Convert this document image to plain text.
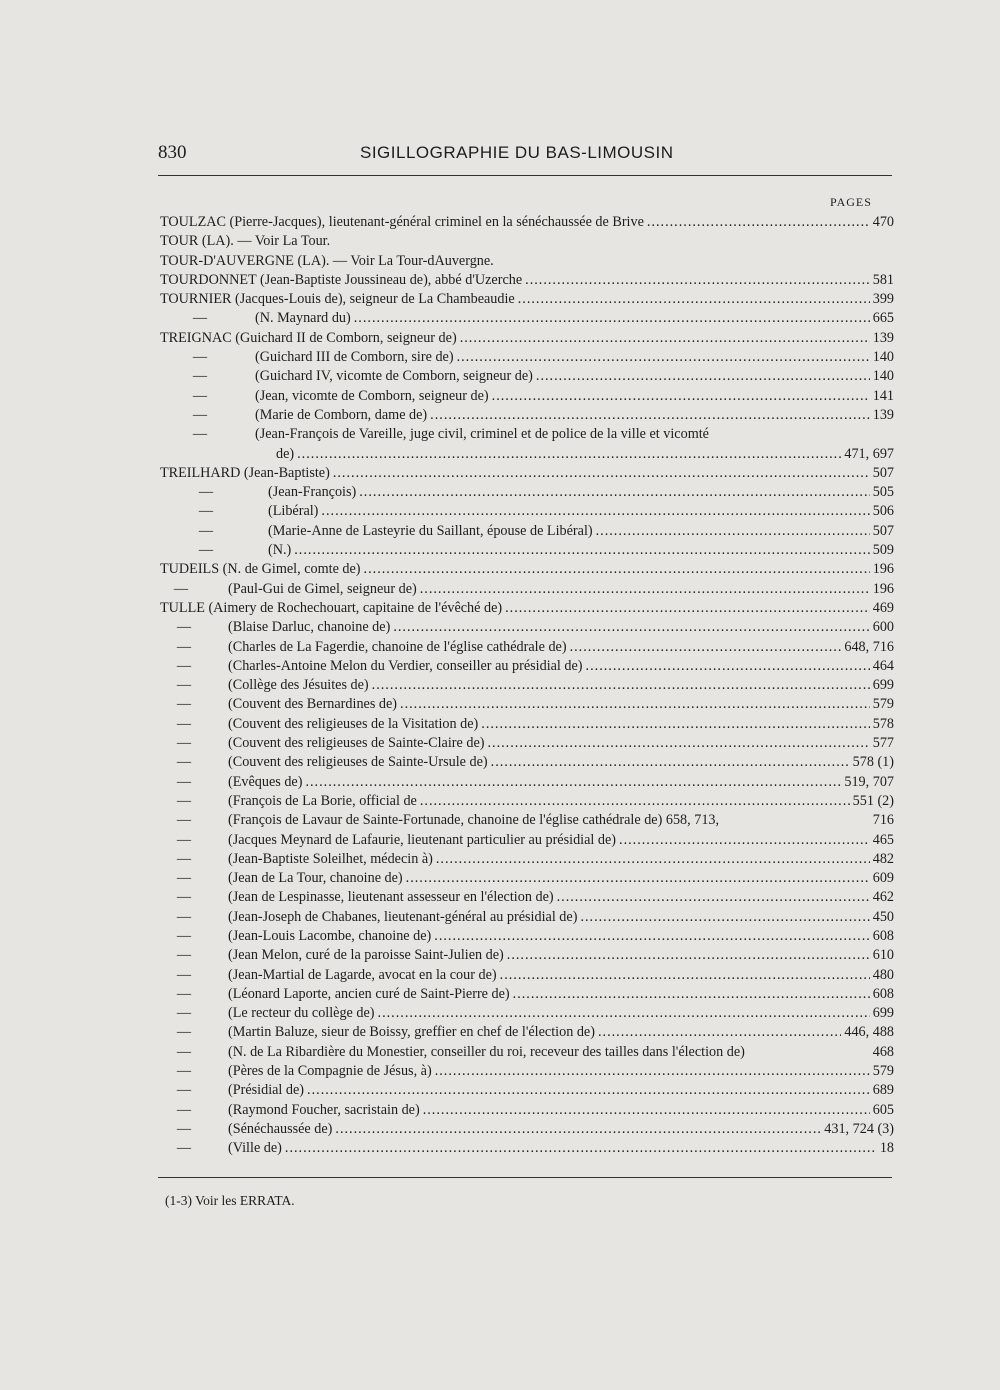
830	SIGILLOGRAPHIE DU BAS-LIMOUSIN
PAGES
TOULZAC (Pierre-Jacques), lieutenant-général criminel en la sénéchaussée de Brive .....	470
TOUR (LA). — Voir La Tour.
TOUR-D'AUVERGNE (LA). — Voir La Tour-dAuvergne.
TOURDONNET (Jean-Baptiste Joussineau de), abbé d'Uzerche .....	581
TOURNIER (Jacques-Louis de), seigneur de La Chambeaudie .....	399
—	(N. Maynard du) .....	665
TREIGNAC (Guichard II de Comborn, seigneur de) .....	139
—	(Guichard III de Comborn, sire de) .....	140
—	(Guichard IV, vicomte de Comborn, seigneur de) .....	140
—	(Jean, vicomte de Comborn, seigneur de) .....	141
—	(Marie de Comborn, dame de) .....	139
—	(Jean-François de Vareille, juge civil, criminel et de police de la ville et vicomté
de) .....	471, 697
TREILHARD (Jean-Baptiste) .....	507
—	(Jean-François) .....	505
—	(Libéral) .....	506
—	(Marie-Anne de Lasteyrie du Saillant, épouse de Libéral) .....	507
—	(N.) .....	509
TUDEILS (N. de Gimel, comte de) .....	196
—	(Paul-Gui de Gimel, seigneur de) .....	196
TULLE (Aimery de Rochechouart, capitaine de l'évêché de) .....	469
—	(Blaise Darluc, chanoine de) .....	600
—	(Charles de La Fagerdie, chanoine de l'église cathédrale de) .....	648, 716
—	(Charles-Antoine Melon du Verdier, conseiller au présidial de) .....	464
—	(Collège des Jésuites de) .....	699
—	(Couvent des Bernardines de) .....	579
—	(Couvent des religieuses de la Visitation de) .....	578
—	(Couvent des religieuses de Sainte-Claire de) .....	577
—	(Couvent des religieuses de Sainte-Ursule de) .....	578 (1)
—	(Evêques de) .....	519, 707
—	(François de La Borie, official de .....	551 (2)
—	(François de Lavaur de Sainte-Fortunade, chanoine de l'église cathédrale de) 658, 713,	716
—	(Jacques Meynard de Lafaurie, lieutenant particulier au présidial de) .....	465
—	(Jean-Baptiste Soleilhet, médecin à) .....	482
—	(Jean de La Tour, chanoine de) .....	609
—	(Jean de Lespinasse, lieutenant assesseur en l'élection de) .....	462
—	(Jean-Joseph de Chabanes, lieutenant-général au présidial de) .....	450
—	(Jean-Louis Lacombe, chanoine de) .....	608
—	(Jean Melon, curé de la paroisse Saint-Julien de) .....	610
—	(Jean-Martial de Lagarde, avocat en la cour de) .....	480
—	(Léonard Laporte, ancien curé de Saint-Pierre de) .....	608
—	(Le recteur du collège de) .....	699
—	(Martin Baluze, sieur de Boissy, greffier en chef de l'élection de) .....	446, 488
—	(N. de La Ribardière du Monestier, conseiller du roi, receveur des tailles dans l'élection de)	468
—	(Pères de la Compagnie de Jésus, à) .....	579
—	(Présidial de) .....	689
—	(Raymond Foucher, sacristain de) .....	605
—	(Sénéchaussée de) .....	431, 724 (3)
—	(Ville de) .....	18
(1-3) Voir les ERRATA.
